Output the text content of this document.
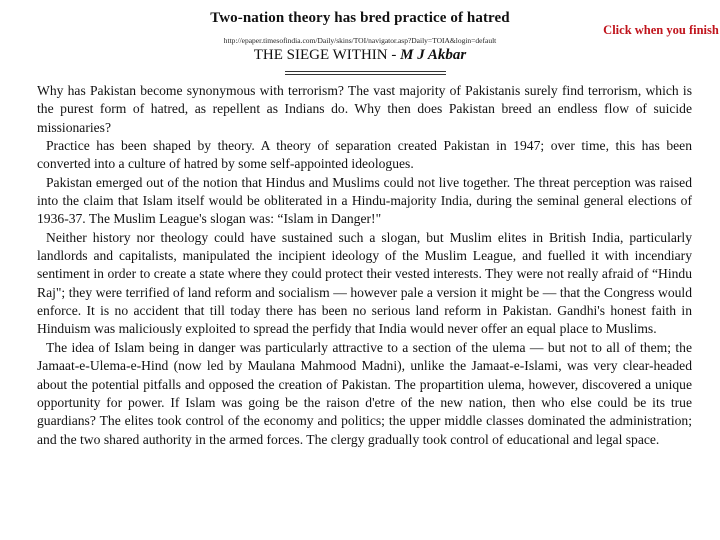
Two-nation theory has bred practice of hatred
http://epaper.timesofindia.com/Daily/skins/TOI/navigator.asp?Daily=TOIA&login=default
Click when you finish
THE SIEGE WITHIN - M J Akbar

Why has Pakistan become synonymous with terrorism? The vast majority of Pakistanis surely find terrorism, which is the purest form of hatred, as repellent as Indians do. Why then does Pakistan breed an endless flow of suicide missionaries?

Practice has been shaped by theory. A theory of separation created Pakistan in 1947; over time, this has been converted into a culture of hatred by some self-appointed ideologues.

Pakistan emerged out of the notion that Hindus and Muslims could not live together. The threat perception was raised into the claim that Islam itself would be obliterated in a Hindu-majority India, during the seminal general elections of 1936-37. The Muslim League's slogan was: “Islam in Danger!"

Neither history nor theology could have sustained such a slogan, but Muslim elites in British India, particularly landlords and capitalists, manipulated the incipient ideology of the Muslim League, and fuelled it with incendiary sentiment in order to create a state where they could protect their vested interests. They were not really afraid of “Hindu Raj"; they were terrified of land reform and socialism — however pale a version it might be — that the Congress would enforce. It is no accident that till today there has been no serious land reform in Pakistan. Gandhi's honest faith in Hinduism was maliciously exploited to spread the perfidy that India would never offer an equal place to Muslims.

The idea of Islam being in danger was particularly attractive to a section of the ulema — but not to all of them; the Jamaat-e-Ulema-e-Hind (now led by Maulana Mahmood Madni), unlike the Jamaat-e-Islami, was very clear-headed about the potential pitfalls and opposed the creation of Pakistan. The propartition ulema, however, discovered a unique opportunity for power. If Islam was going be the raison d'etre of the new nation, then who else could be its true guardians? The elites took control of the economy and politics; the upper middle classes dominated the administration; and the two shared authority in the armed forces. The clergy gradually took control of educational and legal space.
